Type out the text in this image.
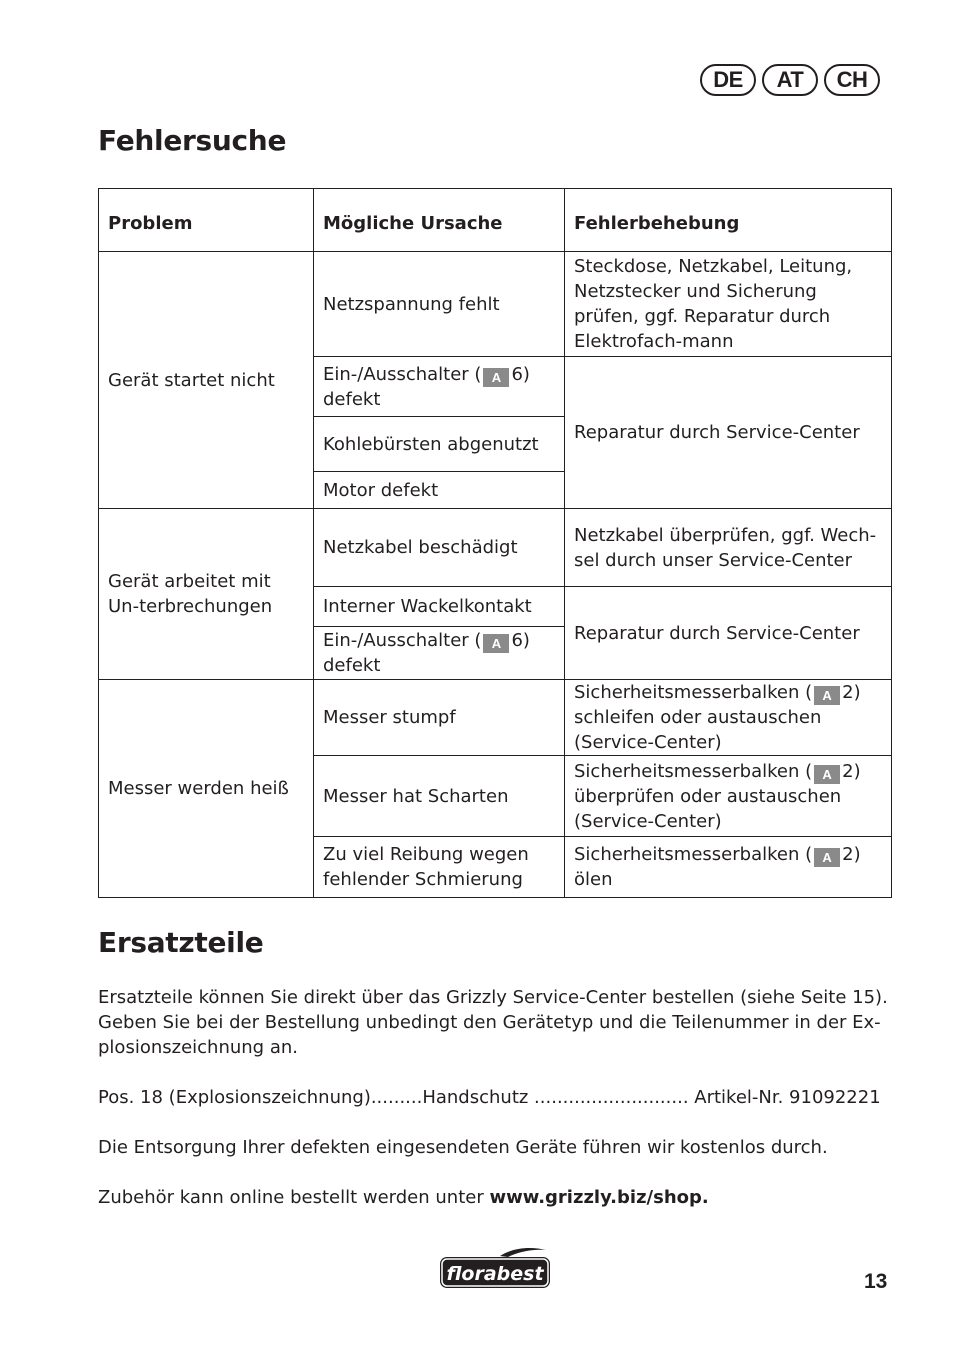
DE	AT	CH
Fehlersuche
Problem	Mögliche Ursache	Fehlerbehebung
Gerät startet nicht	Netzspannung fehlt	Steckdose, Netzkabel, Leitung, Netzstecker und Sicherung prüfen, ggf. Reparatur durch Elektrofach-mann
	Ein-/Ausschalter ( A 6) defekt	Reparatur durch Service-Center
	Kohlebürsten abgenutzt	
	Motor defekt	
Gerät arbeitet mit Un-terbrechungen	Netzkabel beschädigt	Netzkabel überprüfen, ggf. Wech-sel durch unser Service-Center
	Interner Wackelkontakt	Reparatur durch Service-Center
	Ein-/Ausschalter ( A 6) defekt	
Messer werden heiß	Messer stumpf	Sicherheitsmesserbalken ( A 2) schleifen oder austauschen (Service-Center)
	Messer hat Scharten	Sicherheitsmesserbalken ( A 2) überprüfen oder austauschen (Service-Center)
	Zu viel Reibung wegen fehlender Schmierung	Sicherheitsmesserbalken ( A 2) ölen
Ersatzteile

Ersatzteile können Sie direkt über das Grizzly Service-Center bestellen (siehe Seite 15). Geben Sie bei der Bestellung unbedingt den Gerätetyp und die Teilenummer in der Ex-plosionszeichnung an.

Pos. 18 (Explosionszeichnung).........Handschutz ........................... Artikel-Nr. 91092221

Die Entsorgung Ihrer defekten eingesendeten Geräte führen wir kostenlos durch.

Zubehör kann online bestellt werden unter www.grizzly.biz/shop.

florabest	13
